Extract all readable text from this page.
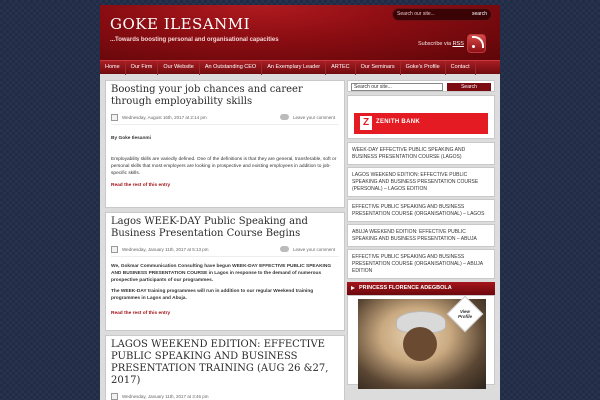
GOKE ILESANMI
...Towards boosting personal and organisational capacities
Search our site...	search
Subscribe via RSS
Home	Our Firm	Our Website	An Outstanding CEO	An Exemplary Leader	ARTEC	Our Seminars	Goke's Profile	Contact
Boosting your job chances and career through employability skills
Wednesday, August 16th, 2017 at 2:14 pm	Leave your comment
By Goke Ilesanmi
Employability skills are variedly defined. One of the definitions is that they are general, transferable, soft or personal skills that most employers are looking in prospective and existing employees in addition to job-specific skills.
Read the rest of this entry
Lagos WEEK-DAY Public Speaking and Business Presentation Course Begins
Wednesday, January 11th, 2017 at 5:13 pm	Leave your comment
We, Gokmar Communication Consulting have begun WEEK-DAY EFFECTIVE PUBLIC SPEAKING AND BUSINESS PRESENTATION COURSE in Lagos in response to the demand of numerous prospective participants of our programmes.
The WEEK-DAY training programmes will run in addition to our regular Weekend training programmes in Lagos and Abuja.
Read the rest of this entry
LAGOS WEEKEND EDITION: EFFECTIVE PUBLIC SPEAKING AND BUSINESS PRESENTATION TRAINING (AUG 26 &27, 2017)
Wednesday, January 11th, 2017 at 3:46 pm
Search our site...	Search
Z	ZENITH BANK
WEEK-DAY EFFECTIVE PUBLIC SPEAKING AND BUSINESS PRESENTATION COURSE (LAGOS)
LAGOS WEEKEND EDITION: EFFECTIVE PUBLIC SPEAKING AND BUSINESS PRESENTATION COURSE (PERSONAL) – LAGOS EDITION
EFFECTIVE PUBLIC SPEAKING AND BUSINESS PRESENTATION COURSE (ORGANISATIONAL) – LAGOS
ABUJA WEEKEND EDITION: EFFECTIVE PUBLIC SPEAKING AND BUSINESS PRESENTATION – ABUJA
EFFECTIVE PUBLIC SPEAKING AND BUSINESS PRESENTATION COURSE (ORGANISATIONAL) – ABUJA EDITION
PRINCESS FLORENCE ADEGBOLA
View Profile
